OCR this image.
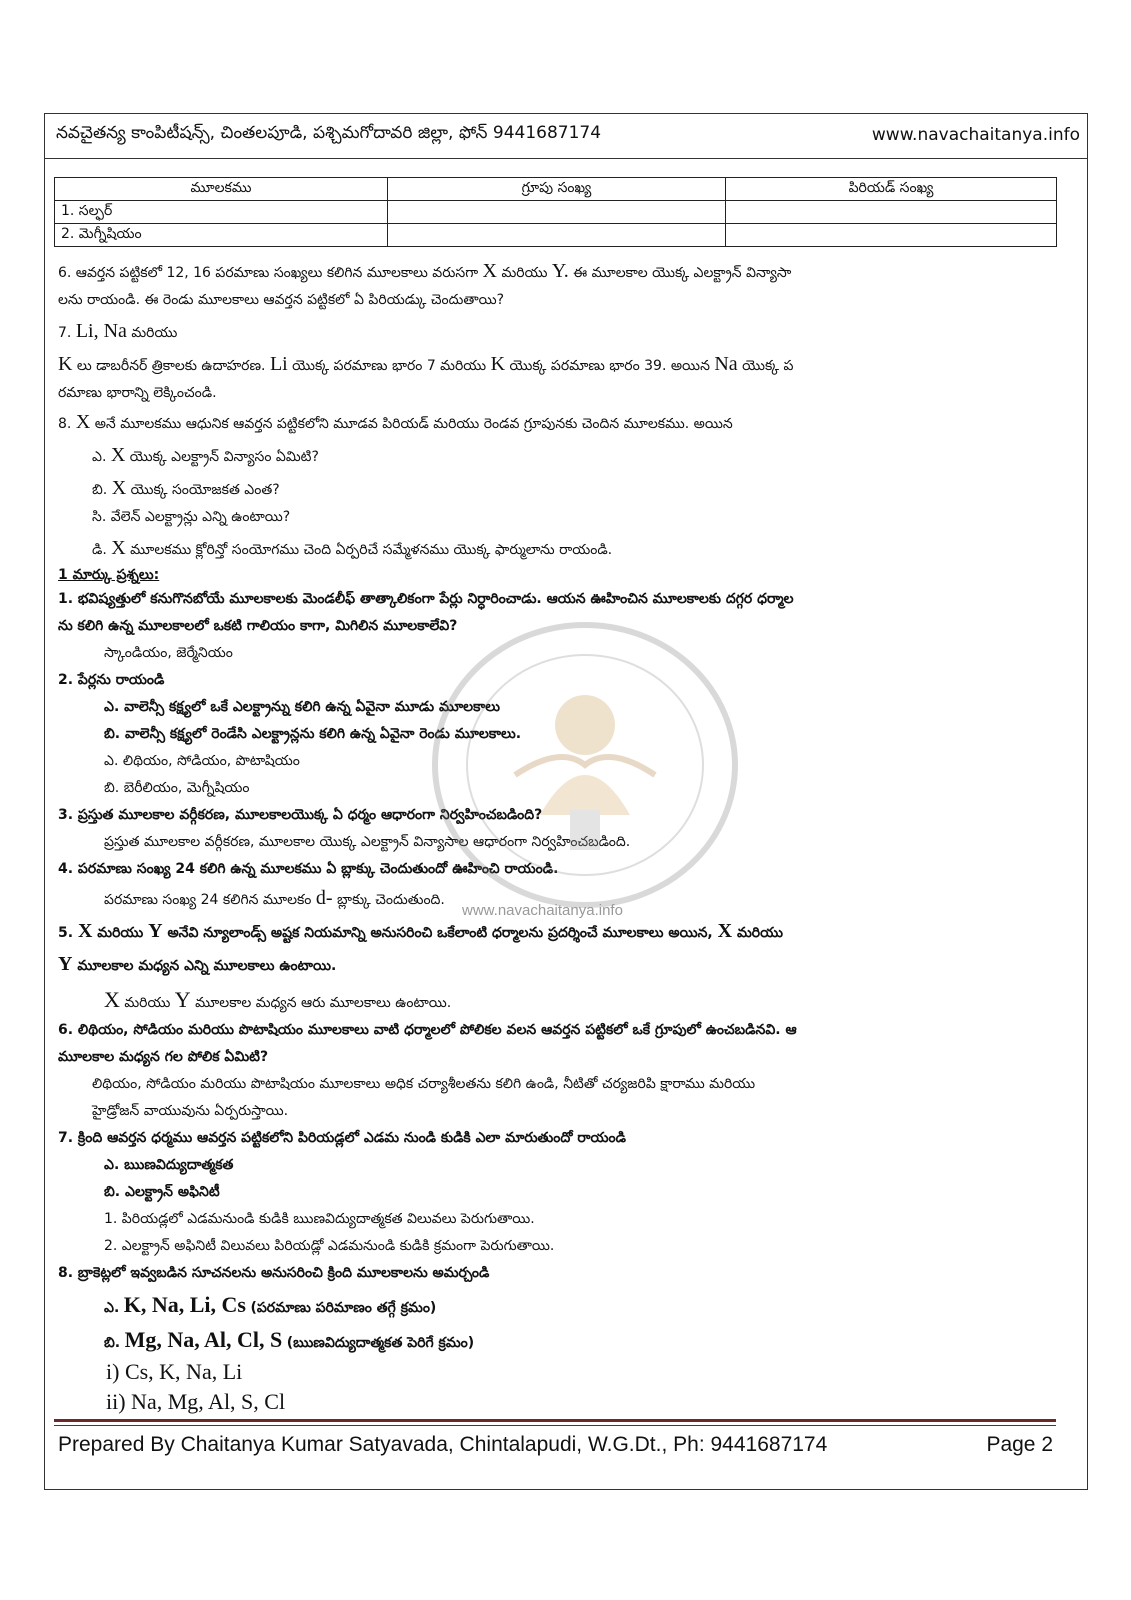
నవచైతన్య కాంపిటీషన్స్, చింతలపూడి, పశ్చిమగోదావరి జిల్లా, ఫోన్ 9441687174	www.navachaitanya.info
మూలకము	గ్రూపు సంఖ్య	పిరియడ్ సంఖ్య
1. సల్ఫర్		
2. మెగ్నీషియం		

6. ఆవర్తన పట్టికలో 12, 16 పరమాణు సంఖ్యలు కలిగిన మూలకాలు వరుసగా X మరియు Y. ఈ మూలకాల యొక్క ఎలక్ట్రాన్ విన్యాసా

లను రాయండి. ఈ రెండు మూలకాలు ఆవర్తన పట్టికలో ఏ పిరియడ్కు చెందుతాయి?

7. Li, Na మరియు

K లు డాబరీనర్ త్రికాలకు ఉదాహరణ. Li యొక్క పరమాణు భారం 7 మరియు K యొక్క పరమాణు భారం 39. అయిన Na యొక్క ప

రమాణు భారాన్ని లెక్కించండి.

8. X అనే మూలకము ఆధునిక ఆవర్తన పట్టికలోని మూడవ పిరియడ్ మరియు రెండవ గ్రూపునకు చెందిన మూలకము. అయిన

ఎ. X యొక్క ఎలక్ట్రాన్ విన్యాసం ఏమిటి?

బి. X యొక్క సంయోజకత ఎంత?

సి. వేలెన్ ఎలక్ట్రాన్లు ఎన్ని ఉంటాయి?

డి. X మూలకము క్లోరిన్తో సంయోగము చెంది ఏర్పరిచే సమ్మేళనము యొక్క ఫార్ములాను రాయండి.

1 మార్కు ప్రశ్నలు:

1. భవిష్యత్తులో కనుగొనబోయే మూలకాలకు మెండలీఫ్ తాత్కాలికంగా పేర్లు నిర్ధారించాడు. ఆయన ఊహించిన మూలకాలకు దగ్గర ధర్మాల

ను కలిగి ఉన్న మూలకాలలో ఒకటి గాలియం కాగా, మిగిలిన మూలకాలేవి?

స్కాండియం, జెర్మేనియం

2. పేర్లను రాయండి

ఎ. వాలెన్సీ కక్ష్యలో ఒకే ఎలక్ట్రాన్ను కలిగి ఉన్న ఏవైనా మూడు మూలకాలు

బి. వాలెన్సీ కక్ష్యలో రెండేసి ఎలక్ట్రాన్లను కలిగి ఉన్న ఏవైనా రెండు మూలకాలు.

ఎ. లిథియం, సోడియం, పొటాషియం

బి. బెరీలియం, మెగ్నీషియం

3. ప్రస్తుత మూలకాల వర్గీకరణ, మూలకాలయొక్క ఏ ధర్మం ఆధారంగా నిర్వహించబడింది?

ప్రస్తుత మూలకాల వర్గీకరణ, మూలకాల యొక్క ఎలక్ట్రాన్ విన్యాసాల ఆధారంగా నిర్వహించబడింది.

4. పరమాణు సంఖ్య 24 కలిగి ఉన్న మూలకము ఏ బ్లాక్కు చెందుతుందో ఊహించి రాయండి.

పరమాణు సంఖ్య 24 కలిగిన మూలకం d- బ్లాక్కు చెందుతుంది.

5. X మరియు Y అనేవి న్యూలాండ్స్ అష్టక నియమాన్ని అనుసరించి ఒకేలాంటి ధర్మాలను ప్రదర్శించే మూలకాలు అయిన, X మరియు

Y మూలకాల మధ్యన ఎన్ని మూలకాలు ఉంటాయి.

X మరియు Y మూలకాల మధ్యన ఆరు మూలకాలు ఉంటాయి.

6. లిథియం, సోడియం మరియు పొటాషియం మూలకాలు వాటి ధర్మాలలో పోలికల వలన ఆవర్తన పట్టికలో ఒకే గ్రూపులో ఉంచబడినవి. ఆ

మూలకాల మధ్యన గల పోలిక ఏమిటి?

లిథియం, సోడియం మరియు పొటాషియం మూలకాలు అధిక చర్యాశీలతను కలిగి ఉండి, నీటితో చర్యజరిపి క్షారాము మరియు

హైడ్రోజన్ వాయువును ఏర్పరుస్తాయి.

7. క్రింది ఆవర్తన ధర్మము ఆవర్తన పట్టికలోని పిరియడ్లలో ఎడమ నుండి కుడికి ఎలా మారుతుందో రాయండి

ఎ. ఋణవిద్యుదాత్మకత

బి. ఎలక్ట్రాన్ అఫినిటీ

1. పిరియడ్లలో ఎడమనుండి కుడికి ఋణవిద్యుదాత్మకత విలువలు పెరుగుతాయి.

2. ఎలక్ట్రాన్ అఫినిటీ విలువలు పిరియడ్లో ఎడమనుండి కుడికి క్రమంగా పెరుగుతాయి.

8. బ్రాకెట్లలో ఇవ్వబడిన సూచనలను అనుసరించి క్రింది మూలకాలను అమర్చండి

ఎ. K, Na, Li, Cs (పరమాణు పరిమాణం తగ్గే క్రమం)

బి. Mg, Na, Al, Cl, S (ఋణవిద్యుదాత్మకత పెరిగే క్రమం)

i) Cs, K, Na, Li

ii) Na, Mg, Al, S, Cl

www.navachaitanya.info
Prepared By Chaitanya Kumar Satyavada, Chintalapudi, W.G.Dt., Ph: 9441687174	Page 2
